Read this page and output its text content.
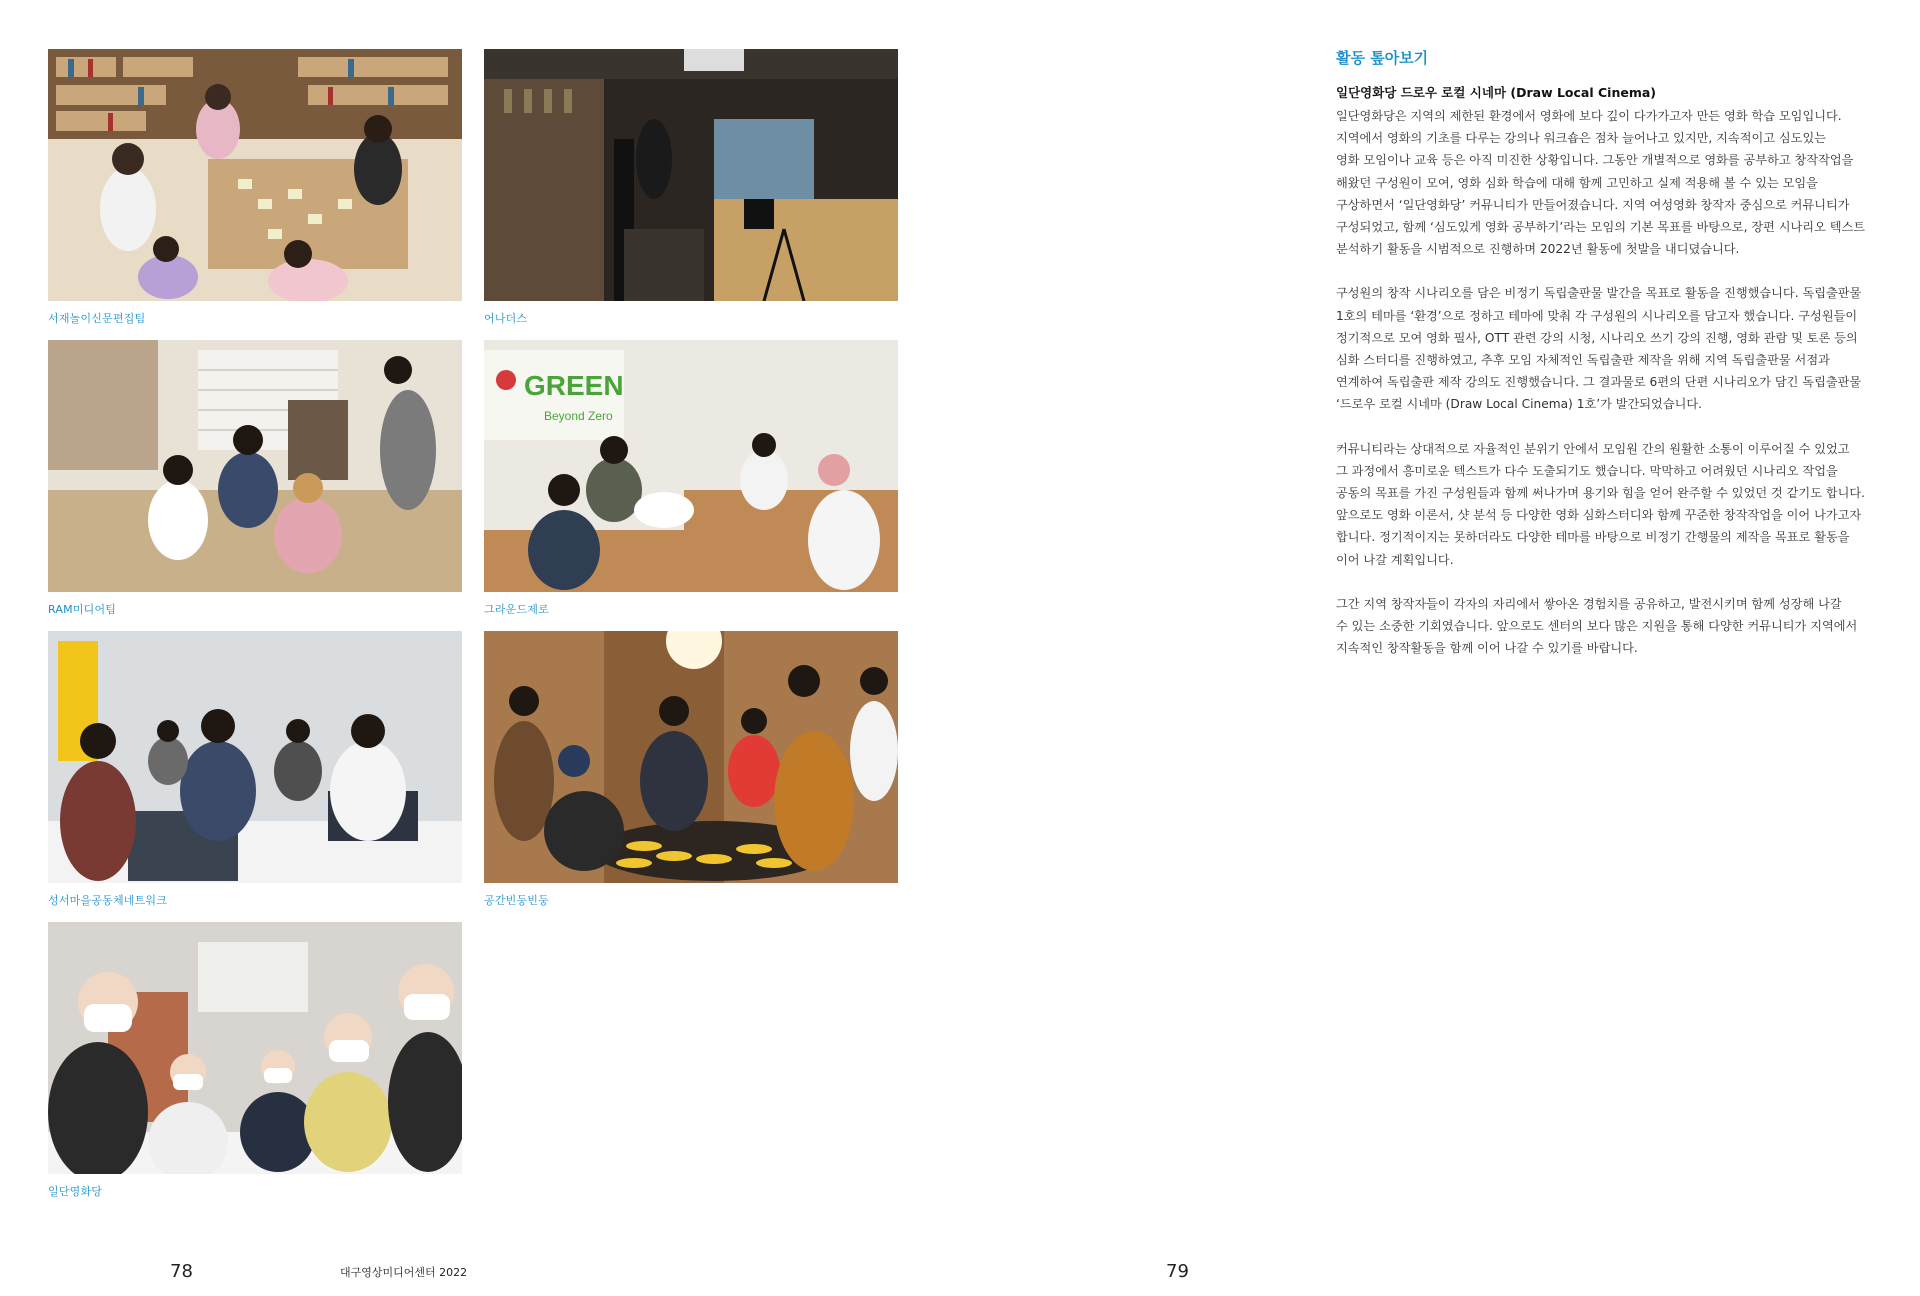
서재놀이신문편집팀	어나더스
RAM미디어팀
GREEN
Beyond Zero
그라운드제로
성서마을공동체네트워크	공간빈둥빈둥
일단영화당
78	대구영상미디어센터 2022	79
활동 톺아보기
일단영화당 드로우 로컬 시네마 (Draw Local Cinema)
일단영화당은 지역의 제한된 환경에서 영화에 보다 깊이 다가가고자 만든 영화 학습 모임입니다.
지역에서 영화의 기초를 다루는 강의나 워크숍은 점차 늘어나고 있지만, 지속적이고 심도있는
영화 모임이나 교육 등은 아직 미진한 상황입니다. 그동안 개별적으로 영화를 공부하고 창작작업을
해왔던 구성원이 모여, 영화 심화 학습에 대해 함께 고민하고 실제 적용해 볼 수 있는 모임을
구상하면서 ‘일단영화당’ 커뮤니티가 만들어졌습니다. 지역 여성영화 창작자 중심으로 커뮤니티가
구성되었고, 함께 ‘심도있게 영화 공부하기’라는 모임의 기본 목표를 바탕으로, 장편 시나리오 텍스트
분석하기 활동을 시범적으로 진행하며 2022년 활동에 첫발을 내디뎠습니다.
구성원의 창작 시나리오를 담은 비정기 독립출판물 발간을 목표로 활동을 진행했습니다. 독립출판물
1호의 테마를 ‘환경’으로 정하고 테마에 맞춰 각 구성원의 시나리오를 담고자 했습니다. 구성원들이
정기적으로 모여 영화 필사, OTT 관련 강의 시청, 시나리오 쓰기 강의 진행, 영화 관람 및 토론 등의
심화 스터디를 진행하였고, 추후 모임 자체적인 독립출판 제작을 위해 지역 독립출판물 서점과
연계하여 독립출판 제작 강의도 진행했습니다. 그 결과물로 6편의 단편 시나리오가 담긴 독립출판물
‘드로우 로컬 시네마 (Draw Local Cinema) 1호’가 발간되었습니다.
커뮤니티라는 상대적으로 자율적인 분위기 안에서 모임원 간의 원활한 소통이 이루어질 수 있었고
그 과정에서 흥미로운 텍스트가 다수 도출되기도 했습니다. 막막하고 어려웠던 시나리오 작업을
공동의 목표를 가진 구성원들과 함께 써나가며 용기와 힘을 얻어 완주할 수 있었던 것 같기도 합니다.
앞으로도 영화 이론서, 샷 분석 등 다양한 영화 심화스터디와 함께 꾸준한 창작작업을 이어 나가고자
합니다. 정기적이지는 못하더라도 다양한 테마를 바탕으로 비정기 간행물의 제작을 목표로 활동을
이어 나갈 계획입니다.
그간 지역 창작자들이 각자의 자리에서 쌓아온 경험치를 공유하고, 발전시키며 함께 성장해 나갈
수 있는 소중한 기회였습니다. 앞으로도 센터의 보다 많은 지원을 통해 다양한 커뮤니티가 지역에서
지속적인 창작활동을 함께 이어 나갈 수 있기를 바랍니다.
